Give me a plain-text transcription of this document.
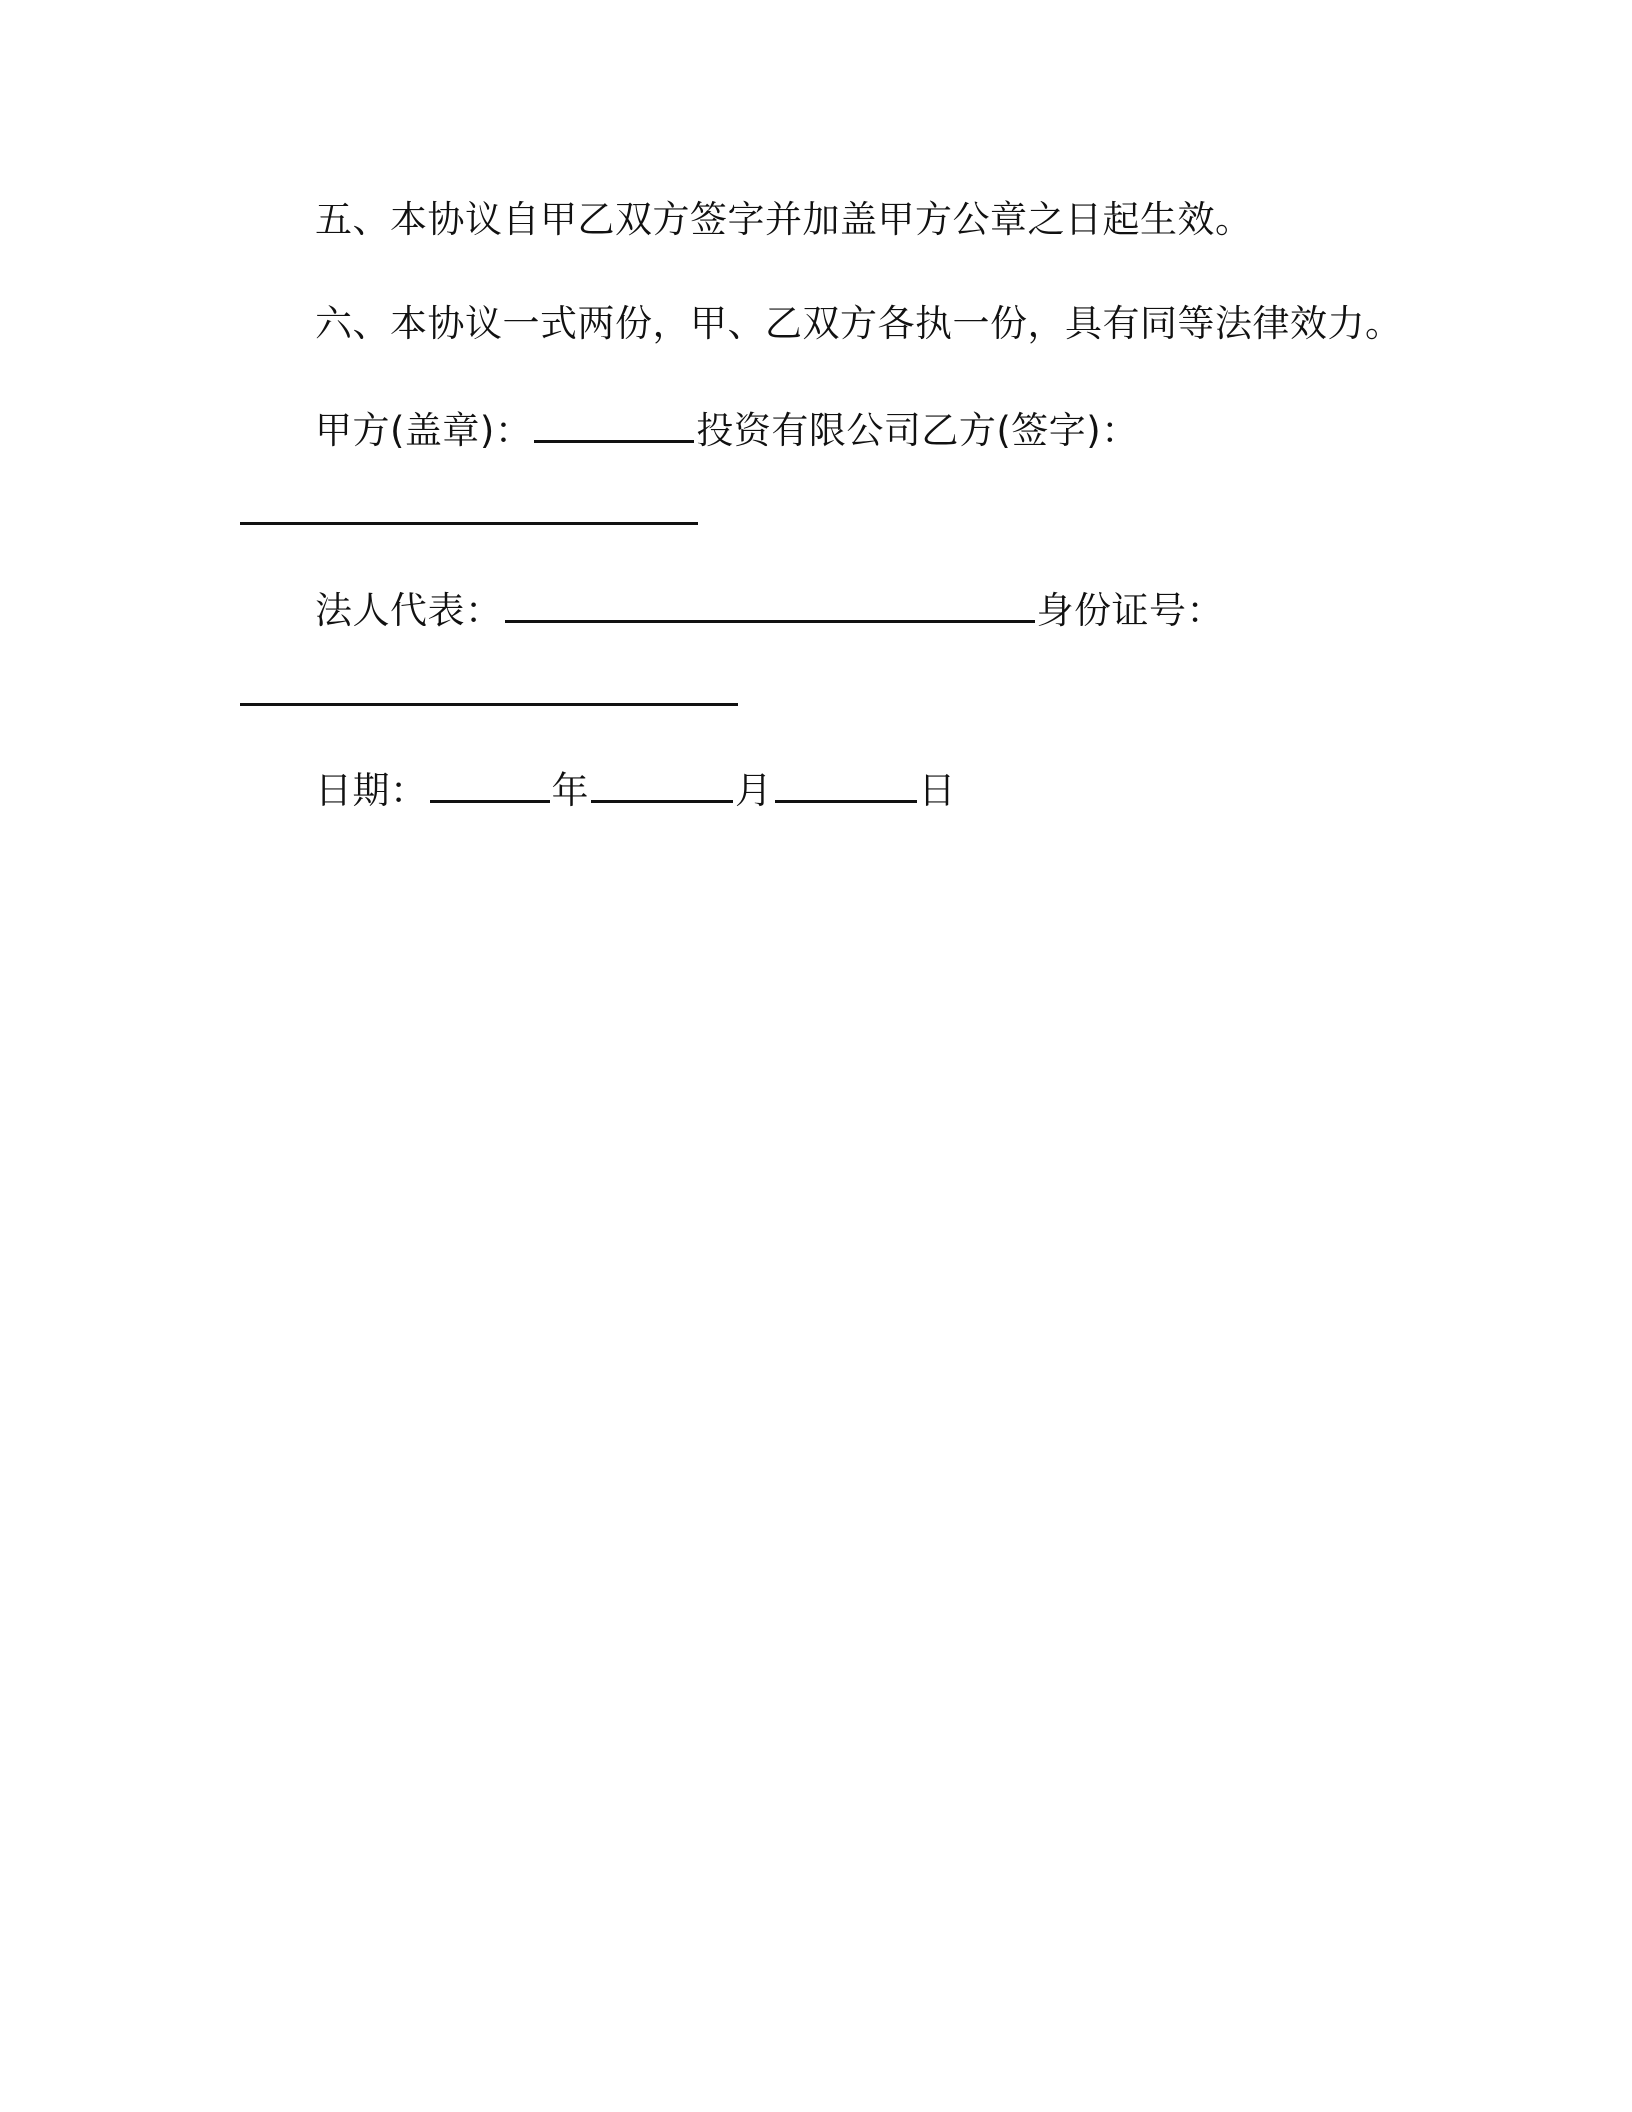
五、本协议自甲乙双方签字并加盖甲方公章之日起生效。
六、本协议一式两份，甲、乙双方各执一份，具有同等法律效力。
甲方(盖章)：	投资有限公司乙方(签字)：
法人代表：	身份证号：
日期：	年	月	日
